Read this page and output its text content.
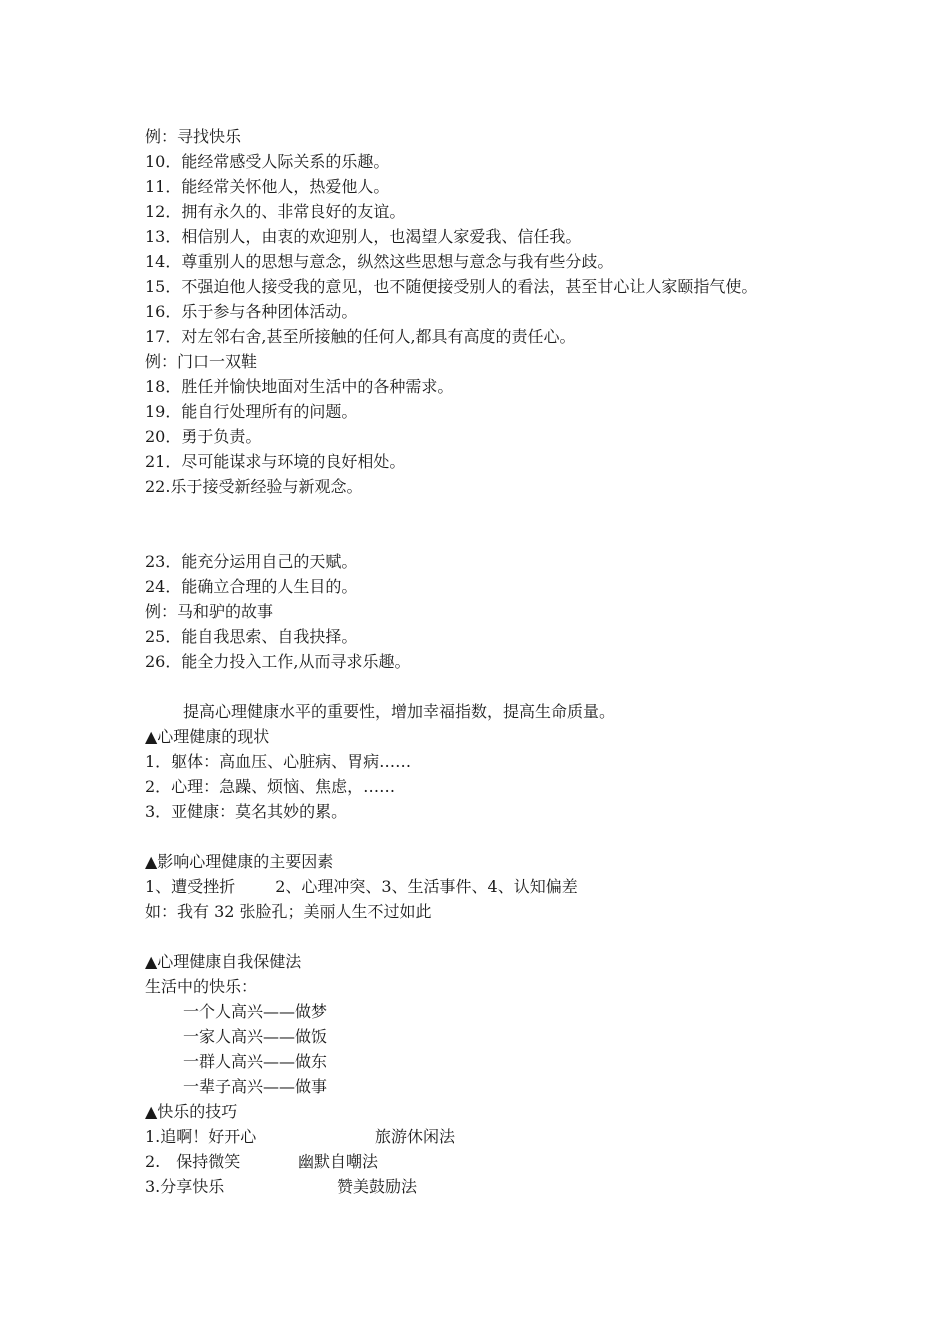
例：寻找快乐
10．能经常感受人际关系的乐趣。
11．能经常关怀他人，热爱他人。
12．拥有永久的、非常良好的友谊。
13．相信别人，由衷的欢迎别人，也渴望人家爱我、信任我。
14．尊重别人的思想与意念，纵然这些思想与意念与我有些分歧。
15．不强迫他人接受我的意见，也不随便接受别人的看法，甚至甘心让人家颐指气使。
16．乐于参与各种团体活动。
17．对左邻右舍,甚至所接触的任何人,都具有高度的责任心。
例：门口一双鞋
18．胜任并愉快地面对生活中的各种需求。
19．能自行处理所有的问题。
20．勇于负责。
21．尽可能谋求与环境的良好相处。
22.乐于接受新经验与新观念。
23．能充分运用自己的天赋。
24．能确立合理的人生目的。
例：马和驴的故事
25．能自我思索、自我抉择。
26．能全力投入工作,从而寻求乐趣。
提高心理健康水平的重要性，增加幸福指数，提高生命质量。
▲心理健康的现状
1．躯体：高血压、心脏病、胃病……
2．心理：急躁、烦恼、焦虑，……
3．亚健康：莫名其妙的累。
▲影响心理健康的主要因素
1、遭受挫折	2、心理冲突、3、生活事件、4、认知偏差
如：我有 32 张脸孔；美丽人生不过如此
▲心理健康自我保健法
生活中的快乐：
一个人高兴——做梦
一家人高兴——做饭
一群人高兴——做东
一辈子高兴——做事
▲快乐的技巧
1.追啊！好开心	旅游休闲法
2.　保持微笑	幽默自嘲法
3.分享快乐	赞美鼓励法
